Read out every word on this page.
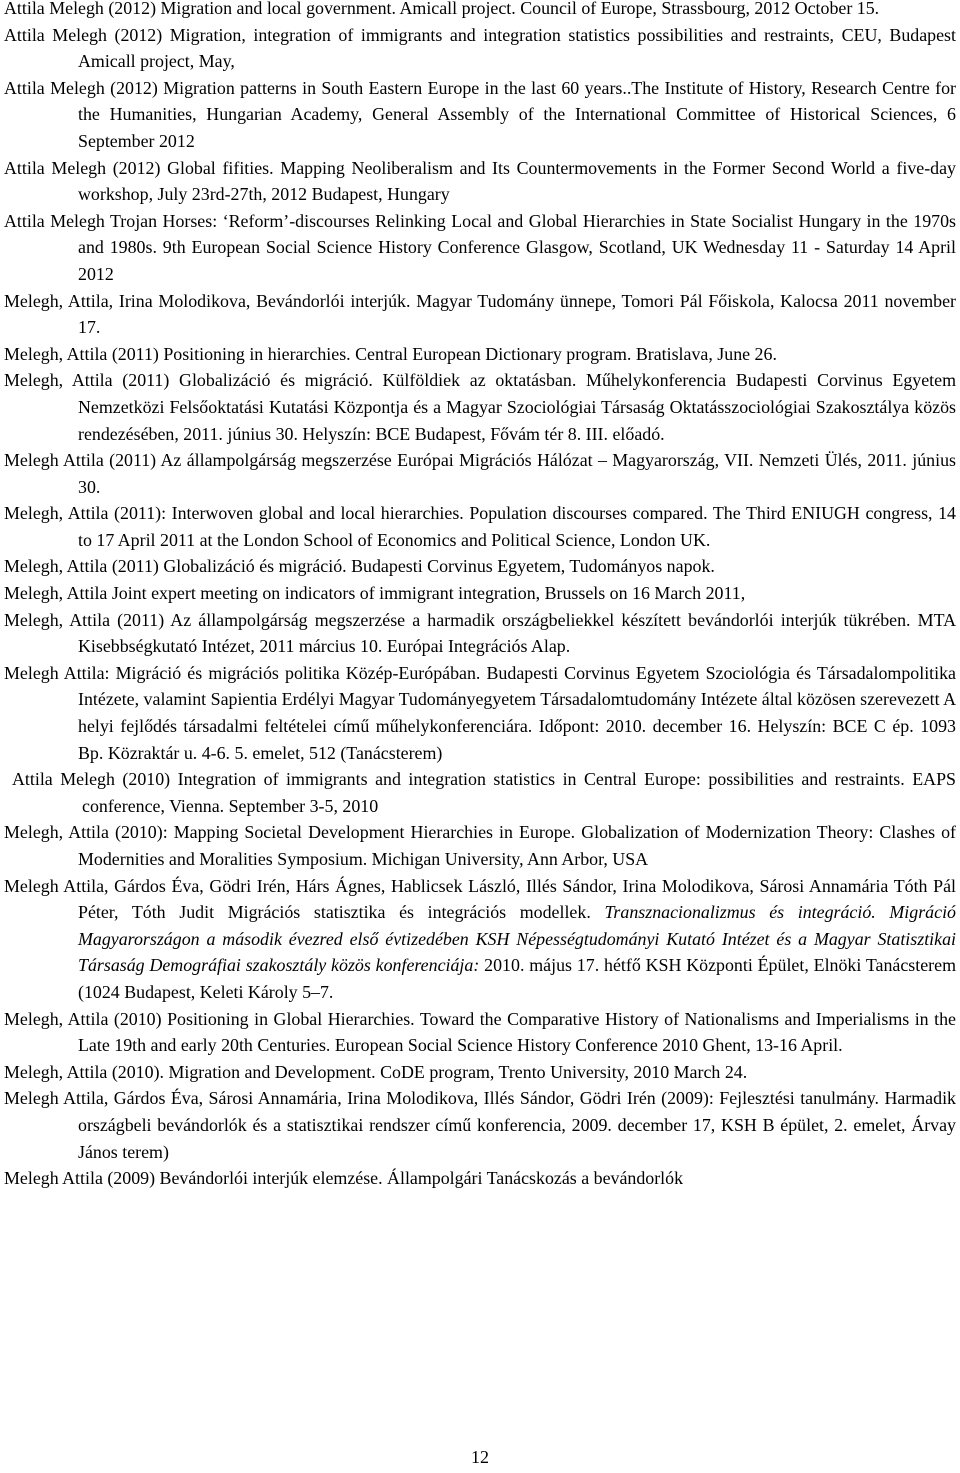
Attila Melegh (2012) Migration and local government. Amicall project. Council of Europe, Strassbourg, 2012 October 15.

Attila Melegh (2012) Migration, integration of immigrants and integration statistics possibilities and restraints, CEU, Budapest Amicall project, May,

Attila Melegh (2012) Migration patterns in South Eastern Europe in the last 60 years..The Institute of History, Research Centre for the Humanities, Hungarian Academy, General Assembly of the International Committee of Historical Sciences, 6 September 2012

Attila Melegh (2012) Global fifities. Mapping Neoliberalism and Its Countermovements in the Former Second World a five-day workshop, July 23rd-27th, 2012 Budapest, Hungary

Attila Melegh Trojan Horses: ‘Reform’-discourses Relinking Local and Global Hierarchies in State Socialist Hungary in the 1970s and 1980s. 9th European Social Science History Conference Glasgow, Scotland, UK Wednesday 11 - Saturday 14 April 2012

Melegh, Attila, Irina Molodikova, Bevándorlói interjúk. Magyar Tudomány ünnepe, Tomori Pál Főiskola, Kalocsa 2011 november 17.

Melegh, Attila (2011) Positioning in hierarchies. Central European Dictionary program. Bratislava, June 26.

Melegh, Attila (2011) Globalizáció és migráció. Külföldiek az oktatásban. Műhelykonferencia Budapesti Corvinus Egyetem Nemzetközi Felsőoktatási Kutatási Központja és a Magyar Szociológiai Társaság Oktatásszociológiai Szakosztálya közös rendezésében, 2011. június 30. Helyszín: BCE Budapest, Fővám tér 8. III. előadó.

Melegh Attila (2011) Az állampolgárság megszerzése Európai Migrációs Hálózat – Magyarország, VII. Nemzeti Ülés, 2011. június 30.

Melegh, Attila (2011): Interwoven global and local hierarchies. Population discourses compared. The Third ENIUGH congress, 14 to 17 April 2011 at the London School of Economics and Political Science, London UK.

Melegh, Attila (2011) Globalizáció és migráció. Budapesti Corvinus Egyetem, Tudományos napok.

Melegh, Attila Joint expert meeting on indicators of immigrant integration, Brussels on 16 March 2011,

Melegh, Attila (2011) Az állampolgárság megszerzése a harmadik országbeliekkel készített bevándorlói interjúk tükrében. MTA Kisebbségkutató Intézet, 2011 március 10. Európai Integrációs Alap.

Melegh Attila: Migráció és migrációs politika Közép-Európában. Budapesti Corvinus Egyetem Szociológia és Társadalompolitika Intézete, valamint Sapientia Erdélyi Magyar Tudományegyetem Társadalomtudomány Intézete által közösen szerevezett A helyi fejlődés társadalmi feltételei című műhelykonferenciára. Időpont: 2010. december 16. Helyszín: BCE C ép. 1093 Bp. Közraktár u. 4-6. 5. emelet, 512 (Tanácsterem)

Attila Melegh (2010) Integration of immigrants and integration statistics in Central Europe: possibilities and restraints. EAPS conference, Vienna. September 3-5, 2010

Melegh, Attila (2010): Mapping Societal Development Hierarchies in Europe. Globalization of Modernization Theory: Clashes of Modernities and Moralities Symposium. Michigan University, Ann Arbor, USA

Melegh Attila, Gárdos Éva, Gödri Irén, Hárs Ágnes, Hablicsek László, Illés Sándor, Irina Molodikova, Sárosi Annamária Tóth Pál Péter, Tóth Judit Migrációs statisztika és integrációs modellek. Transznacionalizmus és integráció. Migráció Magyarországon a második évezred első évtizedében KSH Népességtudományi Kutató Intézet és a Magyar Statisztikai Társaság Demográfiai szakosztály közös konferenciája: 2010. május 17. hétfő KSH Központi Épület, Elnöki Tanácsterem (1024 Budapest, Keleti Károly 5–7.

Melegh, Attila (2010) Positioning in Global Hierarchies. Toward the Comparative History of Nationalisms and Imperialisms in the Late 19th and early 20th Centuries. European Social Science History Conference 2010 Ghent, 13-16 April.

Melegh, Attila (2010). Migration and Development. CoDE program, Trento University, 2010 March 24.

Melegh Attila, Gárdos Éva, Sárosi Annamária, Irina Molodikova, Illés Sándor, Gödri Irén (2009): Fejlesztési tanulmány. Harmadik országbeli bevándorlók és a statisztikai rendszer című konferencia, 2009. december 17, KSH B épület, 2. emelet, Árvay János terem)

Melegh Attila (2009) Bevándorlói interjúk elemzése. Állampolgári Tanácskozás a bevándorlók

12
